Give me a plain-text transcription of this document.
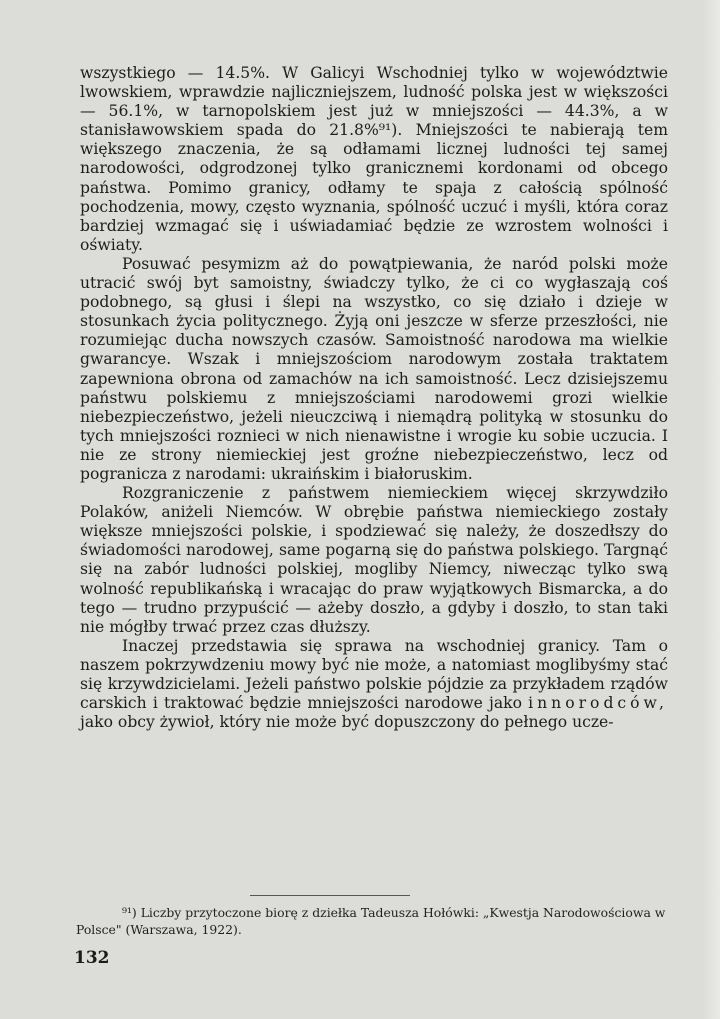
wszystkiego — 14.5%. W Galicyi Wschodniej tylko w województwie lwowskiem, wprawdzie najliczniejszem, ludność polska jest w większości — 56.1%, w tarnopolskiem jest już w mniejszości — 44.3%, a w stanisławowskiem spada do 21.8%⁹¹). Mniejszości te nabierają tem większego znaczenia, że są odłamami licznej ludności tej samej narodowości, odgrodzonej tylko granicznemi kordonami od obcego państwa. Pomimo granicy, odłamy te spaja z całością spólność pochodzenia, mowy, często wyznania, spólność uczuć i myśli, która coraz bardziej wzmagać się i uświadamiać będzie ze wzrostem wolności i oświaty.

Posuwać pesymizm aż do powątpiewania, że naród polski może utracić swój byt samoistny, świadczy tylko, że ci co wygłaszają coś podobnego, są głusi i ślepi na wszystko, co się działo i dzieje w stosunkach życia politycznego. Żyją oni jeszcze w sferze przeszłości, nie rozumiejąc ducha nowszych czasów. Samoistność narodowa ma wielkie gwarancye. Wszak i mniejszościom narodowym została traktatem zapewniona obrona od zamachów na ich samoistność. Lecz dzisiejszemu państwu polskiemu z mniejszościami narodowemi grozi wielkie niebezpieczeństwo, jeżeli nieuczciwą i niemądrą polityką w stosunku do tych mniejszości roznieci w nich nienawistne i wrogie ku sobie uczucia. I nie ze strony niemieckiej jest groźne niebezpieczeństwo, lecz od pogranicza z narodami: ukraińskim i białoruskim.

Rozgraniczenie z państwem niemieckiem więcej skrzywdziło Polaków, aniżeli Niemców. W obrębie państwa niemieckiego zostały większe mniejszości polskie, i spodziewać się należy, że doszedłszy do świadomości narodowej, same pogarną się do państwa polskiego. Targnąć się na zabór ludności polskiej, mogliby Niemcy, niwecząc tylko swą wolność republikańską i wracając do praw wyjątkowych Bismarcka, a do tego — trudno przypuścić — ażeby doszło, a gdyby i doszło, to stan taki nie mógłby trwać przez czas dłuższy.

Inaczej przedstawia się sprawa na wschodniej granicy. Tam o naszem pokrzywdzeniu mowy być nie może, a natomiast moglibyśmy stać się krzywdzicielami. Jeżeli państwo polskie pójdzie za przykładem rządów carskich i traktować będzie mniejszości narodowe jako innorodców, jako obcy żywioł, który nie może być dopuszczony do pełnego ucze-

⁹¹) Liczby przytoczone biorę z dziełka Tadeusza Hołówki: „Kwestja Narodowościowa w Polsce" (Warszawa, 1922).
132
